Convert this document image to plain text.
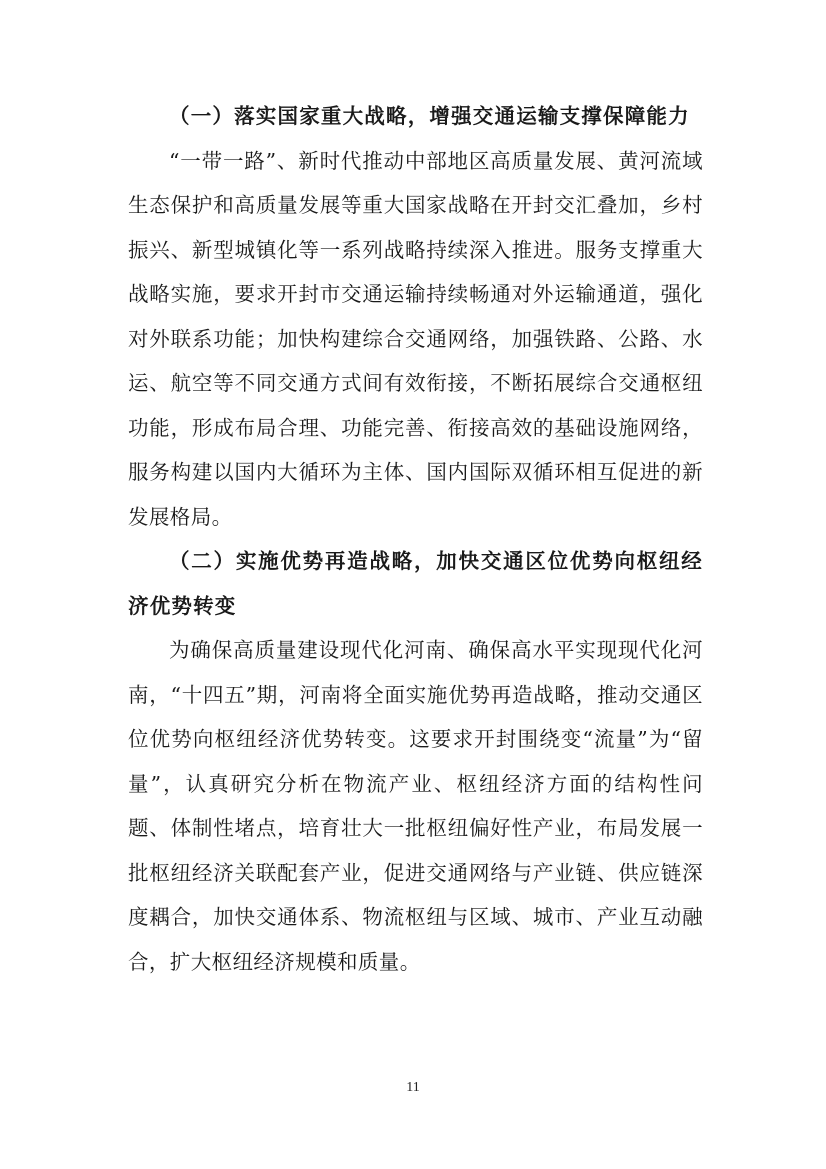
（一）落实国家重大战略，增强交通运输支撑保障能力

“一带一路”、新时代推动中部地区高质量发展、黄河流域生态保护和高质量发展等重大国家战略在开封交汇叠加，乡村振兴、新型城镇化等一系列战略持续深入推进。服务支撑重大战略实施，要求开封市交通运输持续畅通对外运输通道，强化对外联系功能；加快构建综合交通网络，加强铁路、公路、水运、航空等不同交通方式间有效衔接，不断拓展综合交通枢纽功能，形成布局合理、功能完善、衔接高效的基础设施网络，服务构建以国内大循环为主体、国内国际双循环相互促进的新发展格局。

（二）实施优势再造战略，加快交通区位优势向枢纽经济优势转变

为确保高质量建设现代化河南、确保高水平实现现代化河南，“十四五”期，河南将全面实施优势再造战略，推动交通区位优势向枢纽经济优势转变。这要求开封围绕变“流量”为“留量”，认真研究分析在物流产业、枢纽经济方面的结构性问题、体制性堵点，培育壮大一批枢纽偏好性产业，布局发展一批枢纽经济关联配套产业，促进交通网络与产业链、供应链深度耦合，加快交通体系、物流枢纽与区域、城市、产业互动融合，扩大枢纽经济规模和质量。

11
